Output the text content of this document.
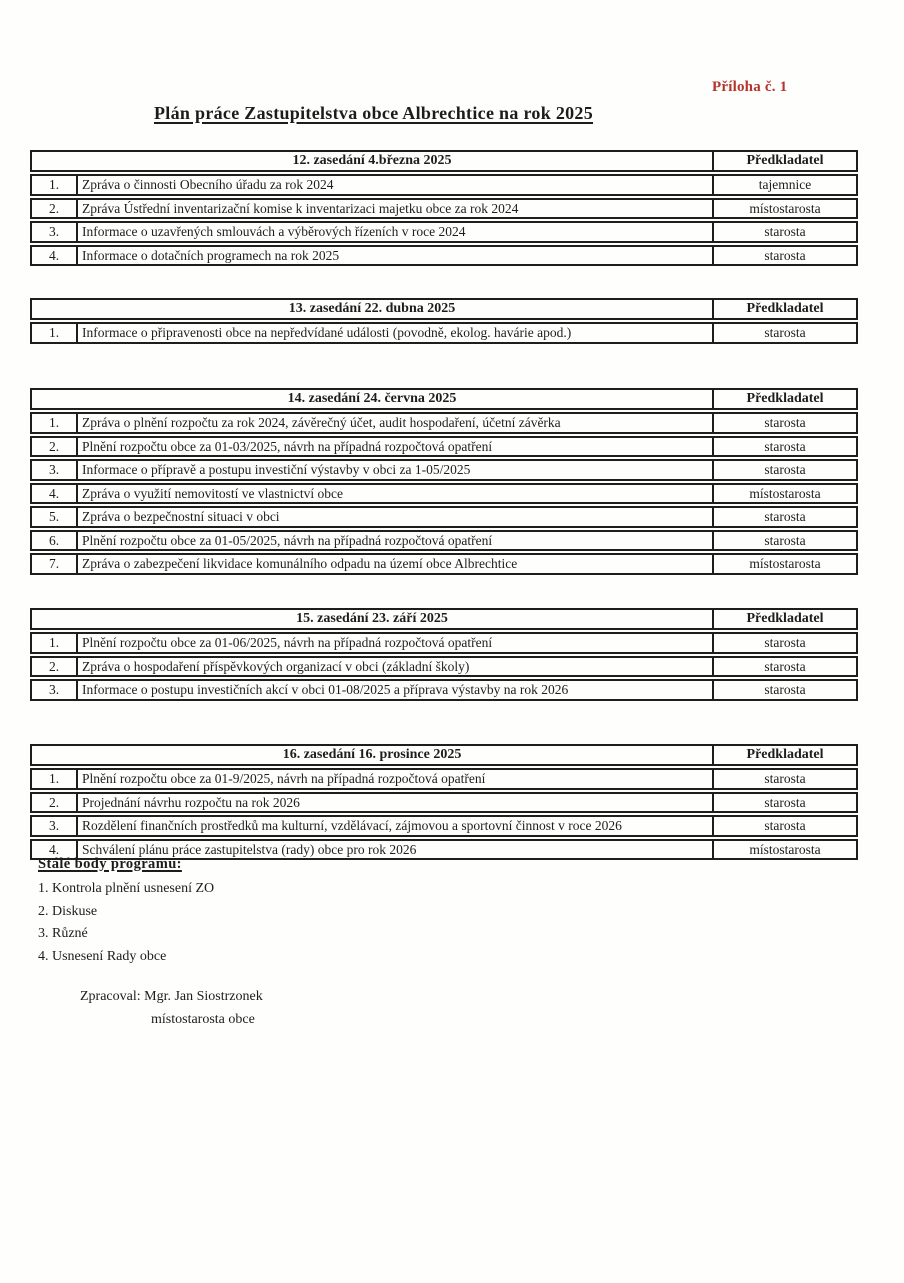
Příloha č. 1
Plán práce Zastupitelstva obce Albrechtice na rok 2025
12. zasedání 4.března 2025		Předkladatel
1.	Zpráva o činnosti Obecního úřadu za rok 2024	tajemnice
2.	Zpráva Ústřední inventarizační komise k inventarizaci majetku obce za rok 2024	místostarosta
3.	Informace o uzavřených smlouvách a výběrových řízeních v roce 2024	starosta
4.	Informace o dotačních programech na rok 2025	starosta
13. zasedání 22. dubna 2025		Předkladatel
1.	Informace o připravenosti obce na nepředvídané události (povodně, ekolog. havárie apod.)	starosta
14. zasedání 24. června 2025		Předkladatel
1.	Zpráva o plnění rozpočtu za rok 2024, závěrečný účet, audit hospodaření, účetní závěrka	starosta
2.	Plnění rozpočtu obce za 01-03/2025, návrh na případná rozpočtová opatření	starosta
3.	Informace o přípravě a postupu investiční výstavby v obci za 1-05/2025	starosta
4.	Zpráva o využití nemovitostí ve vlastnictví obce	místostarosta
5.	Zpráva o bezpečnostní situaci v obci	starosta
6.	Plnění rozpočtu obce za 01-05/2025, návrh na případná rozpočtová opatření	starosta
7.	Zpráva o zabezpečení likvidace komunálního odpadu na území obce Albrechtice	místostarosta
15. zasedání 23. září 2025		Předkladatel
1.	Plnění rozpočtu obce za 01-06/2025, návrh na případná rozpočtová opatření	starosta
2.	Zpráva o hospodaření příspěvkových organizací v obci (základní školy)	starosta
3.	Informace o postupu investičních akcí v obci 01-08/2025 a příprava výstavby na rok 2026	starosta
16. zasedání 16. prosince 2025		Předkladatel
1.	Plnění rozpočtu obce za 01-9/2025, návrh na případná rozpočtová opatření	starosta
2.	Projednání návrhu rozpočtu na rok 2026	starosta
3.	Rozdělení finančních prostředků ma kulturní, vzdělávací, zájmovou a sportovní činnost v roce 2026	starosta
4.	Schválení plánu práce zastupitelstva (rady) obce pro rok 2026	místostarosta
Stálé body programu:
1. Kontrola plnění usnesení ZO
2. Diskuse
3. Různé
4. Usnesení Rady obce
Zpracoval: Mgr. Jan Siostrzonek
místostarosta obce
